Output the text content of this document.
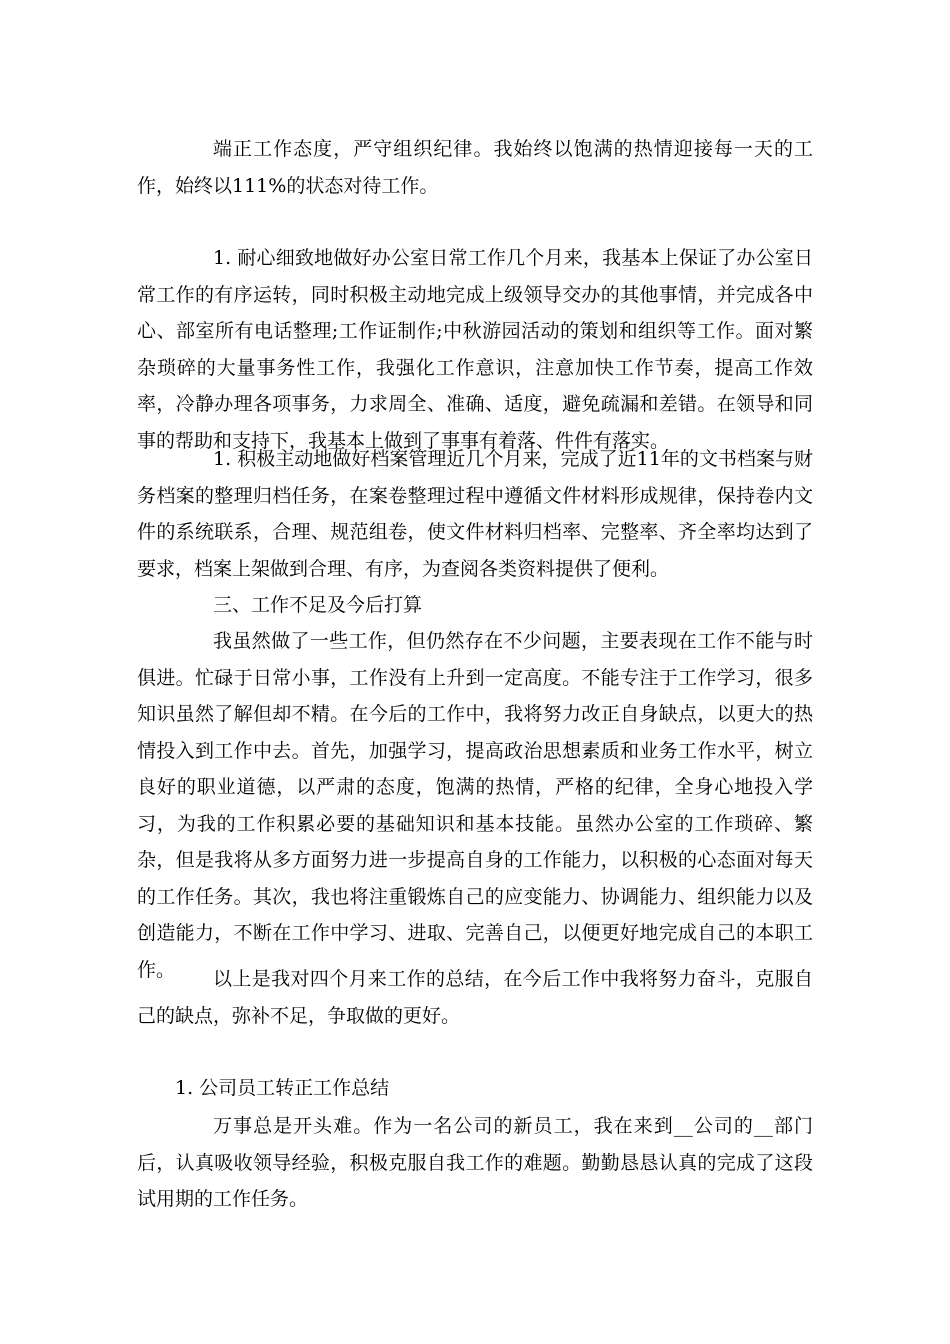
端正工作态度，严守组织纪律。我始终以饱满的热情迎接每一天的工作，始终以111%的状态对待工作。

1. 耐心细致地做好办公室日常工作几个月来，我基本上保证了办公室日常工作的有序运转，同时积极主动地完成上级领导交办的其他事情，并完成各中心、部室所有电话整理;工作证制作;中秋游园活动的策划和组织等工作。面对繁杂琐碎的大量事务性工作，我强化工作意识，注意加快工作节奏，提高工作效率，冷静办理各项事务，力求周全、准确、适度，避免疏漏和差错。在领导和同事的帮助和支持下，我基本上做到了事事有着落、件件有落实。

1. 积极主动地做好档案管理近几个月来，完成了近11年的文书档案与财务档案的整理归档任务，在案卷整理过程中遵循文件材料形成规律，保持卷内文件的系统联系，合理、规范组卷，使文件材料归档率、完整率、齐全率均达到了要求，档案上架做到合理、有序，为查阅各类资料提供了便利。

三、工作不足及今后打算

我虽然做了一些工作，但仍然存在不少问题，主要表现在工作不能与时俱进。忙碌于日常小事，工作没有上升到一定高度。不能专注于工作学习，很多知识虽然了解但却不精。在今后的工作中，我将努力改正自身缺点，以更大的热情投入到工作中去。首先，加强学习，提高政治思想素质和业务工作水平，树立良好的职业道德，以严肃的态度，饱满的热情，严格的纪律，全身心地投入学习，为我的工作积累必要的基础知识和基本技能。虽然办公室的工作琐碎、繁杂，但是我将从多方面努力进一步提高自身的工作能力，以积极的心态面对每天的工作任务。其次，我也将注重锻炼自己的应变能力、协调能力、组织能力以及创造能力，不断在工作中学习、进取、完善自己，以便更好地完成自己的本职工作。	以上是我对四个月来工作的总结，在今后工作中我将努力奋斗，克服自己的缺点，弥补不足，争取做的更好。

1. 公司员工转正工作总结

万事总是开头难。作为一名公司的新员工，我在来到__公司的__部门后，认真吸收领导经验，积极克服自我工作的难题。勤勤恳恳认真的完成了这段试用期的工作任务。
